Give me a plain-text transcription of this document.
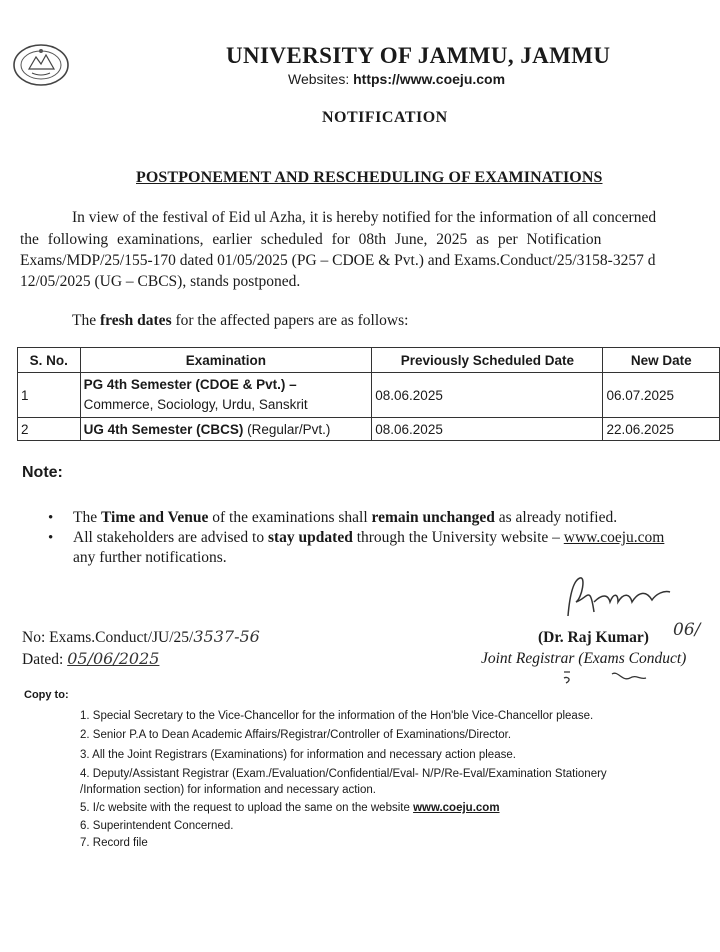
UNIVERSITY OF JAMMU, JAMMU
Websites: https://www.coeju.com
NOTIFICATION
POSTPONEMENT AND RESCHEDULING OF EXAMINATIONS
In view of the festival of Eid ul Azha, it is hereby notified for the information of all concerned
the following examinations, earlier scheduled for 08th June, 2025 as per Notification
Exams/MDP/25/155-170 dated 01/05/2025 (PG – CDOE & Pvt.) and Exams.Conduct/25/3158-3257 d
12/05/2025 (UG – CBCS), stands postponed.
The fresh dates for the affected papers are as follows:
S. No.	Examination	Previously Scheduled Date	New Date
1	PG 4th Semester (CDOE & Pvt.) –
Commerce, Sociology, Urdu, Sanskrit	08.06.2025	06.07.2025
2	UG 4th Semester (CBCS) (Regular/Pvt.)	08.06.2025	22.06.2025
Note:
• The Time and Venue of the examinations shall remain unchanged as already notified.
• All stakeholders are advised to stay updated through the University website – www.coeju.com
any further notifications.
No: Exams.Conduct/JU/25/3537-56
Dated: 05/06/2025
(Dr. Raj Kumar) 06/
Joint Registrar (Exams Conduct)
Copy to:
1. Special Secretary to the Vice-Chancellor for the information of the Hon'ble Vice-Chancellor please.
2. Senior P.A to Dean Academic Affairs/Registrar/Controller of Examinations/Director.
3. All the Joint Registrars (Examinations) for information and necessary action please.
4. Deputy/Assistant Registrar (Exam./Evaluation/Confidential/Eval- N/P/Re-Eval/Examination Stationery
/Information section) for information and necessary action.
5. I/c website with the request to upload the same on the website www.coeju.com
6. Superintendent Concerned.
7. Record file
